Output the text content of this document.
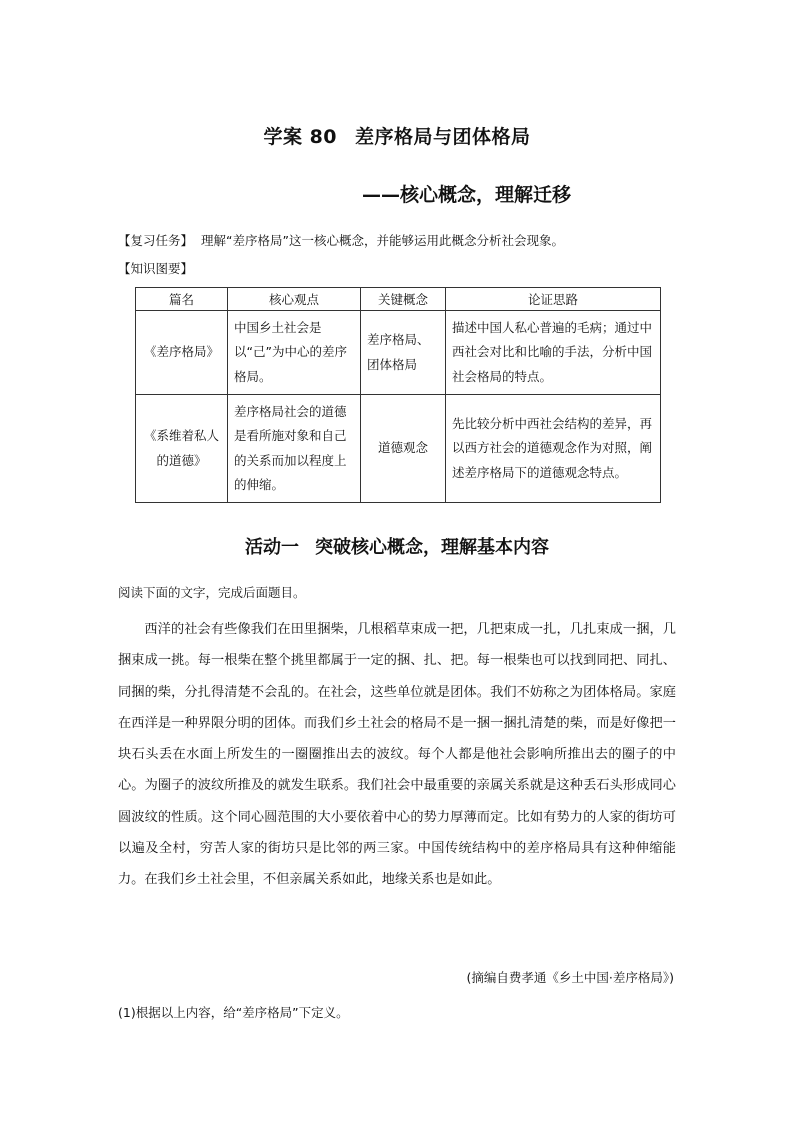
学案 80 差序格局与团体格局
——核心概念，理解迁移
【复习任务】 理解“差序格局”这一核心概念，并能够运用此概念分析社会现象。
【知识图要】
篇名	核心观点	关键概念	论证思路
《差序格局》	中国乡土社会是以“己”为中心的差序格局。	差序格局、团体格局	描述中国人私心普遍的毛病；通过中西社会对比和比喻的手法，分析中国社会格局的特点。
《系维着私人的道德》	差序格局社会的道德是看所施对象和自己的关系而加以程度上的伸缩。	道德观念	先比较分析中西社会结构的差异，再以西方社会的道德观念作为对照，阐述差序格局下的道德观念特点。
活动一 突破核心概念，理解基本内容
阅读下面的文字，完成后面题目。

西洋的社会有些像我们在田里捆柴，几根稻草束成一把，几把束成一扎，几扎束成一捆，几捆束成一挑。每一根柴在整个挑里都属于一定的捆、扎、把。每一根柴也可以找到同把、同扎、同捆的柴，分扎得清楚不会乱的。在社会，这些单位就是团体。我们不妨称之为团体格局。家庭在西洋是一种界限分明的团体。而我们乡土社会的格局不是一捆一捆扎清楚的柴，而是好像把一块石头丢在水面上所发生的一圈圈推出去的波纹。每个人都是他社会影响所推出去的圈子的中心。为圈子的波纹所推及的就发生联系。我们社会中最重要的亲属关系就是这种丢石头形成同心圆波纹的性质。这个同心圆范围的大小要依着中心的势力厚薄而定。比如有势力的人家的街坊可以遍及全村，穷苦人家的街坊只是比邻的两三家。中国传统结构中的差序格局具有这种伸缩能力。在我们乡土社会里，不但亲属关系如此，地缘关系也是如此。

(摘编自费孝通《乡土中国·差序格局》)
(1)根据以上内容，给“差序格局”下定义。
